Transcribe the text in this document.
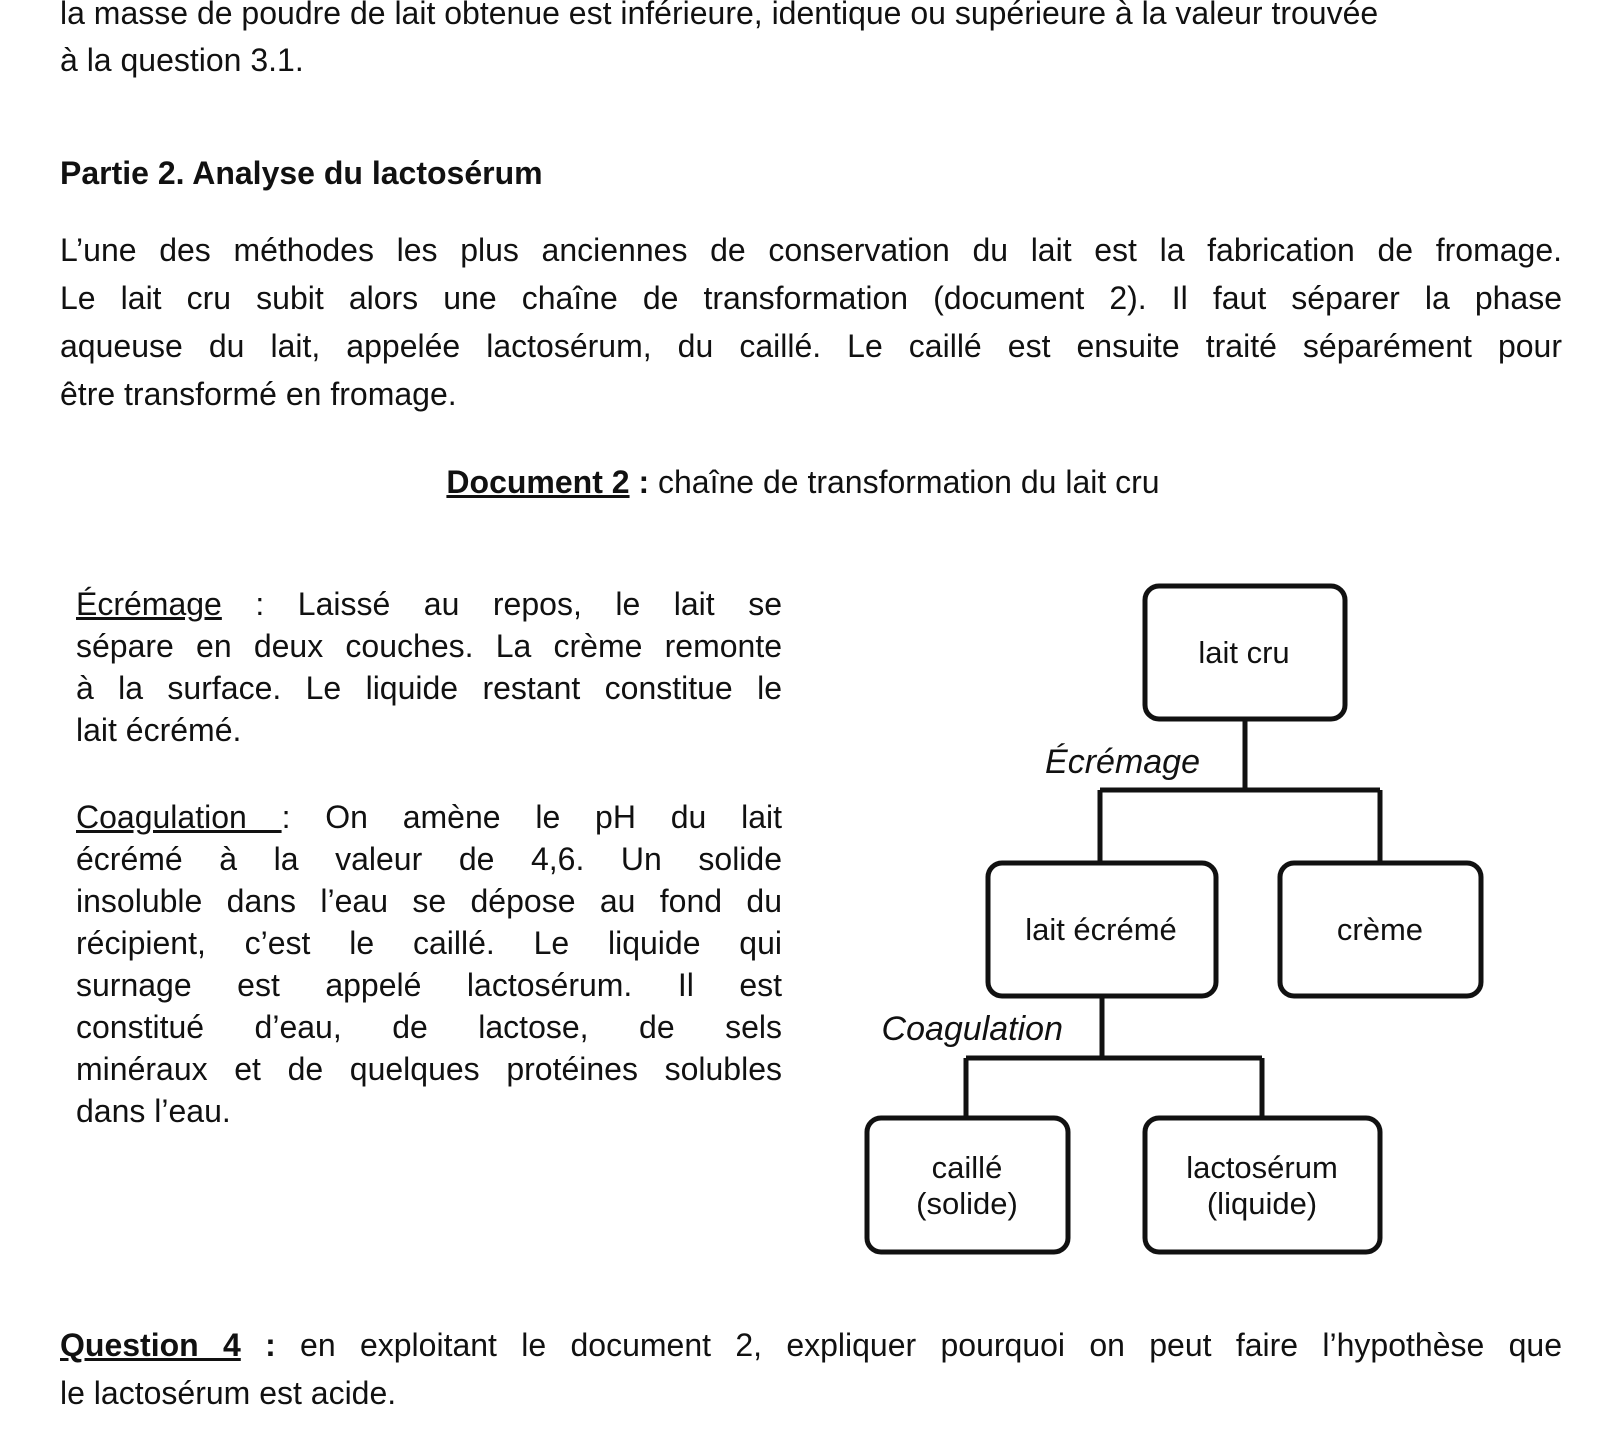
la masse de poudre de lait obtenue est inférieure, identique ou supérieure à la valeur trouvée
à la question 3.1.
Partie 2. Analyse du lactosérum
L’une des méthodes les plus anciennes de conservation du lait est la fabrication de fromage.
Le lait cru subit alors une chaîne de transformation (document 2). Il faut séparer la phase
aqueuse du lait, appelée lactosérum, du caillé. Le caillé est ensuite traité séparément pour
être transformé en fromage.
Document 2 : chaîne de transformation du lait cru
Écrémage : Laissé au repos, le lait se
sépare en deux couches. La crème remonte
à la surface. Le liquide restant constitue le
lait écrémé.
Coagulation : On amène le pH du lait
écrémé à la valeur de 4,6. Un solide
insoluble dans l’eau se dépose au fond du
récipient, c’est le caillé. Le liquide qui
surnage est appelé lactosérum. Il est
constitué d’eau, de lactose, de sels
minéraux et de quelques protéines solubles
dans l’eau.
lait cru
lait écrémé	crème
caillé
(solide)
lactosérum
(liquide)
Écrémage
Coagulation
Question 4 : en exploitant le document 2, expliquer pourquoi on peut faire l’hypothèse que
le lactosérum est acide.
